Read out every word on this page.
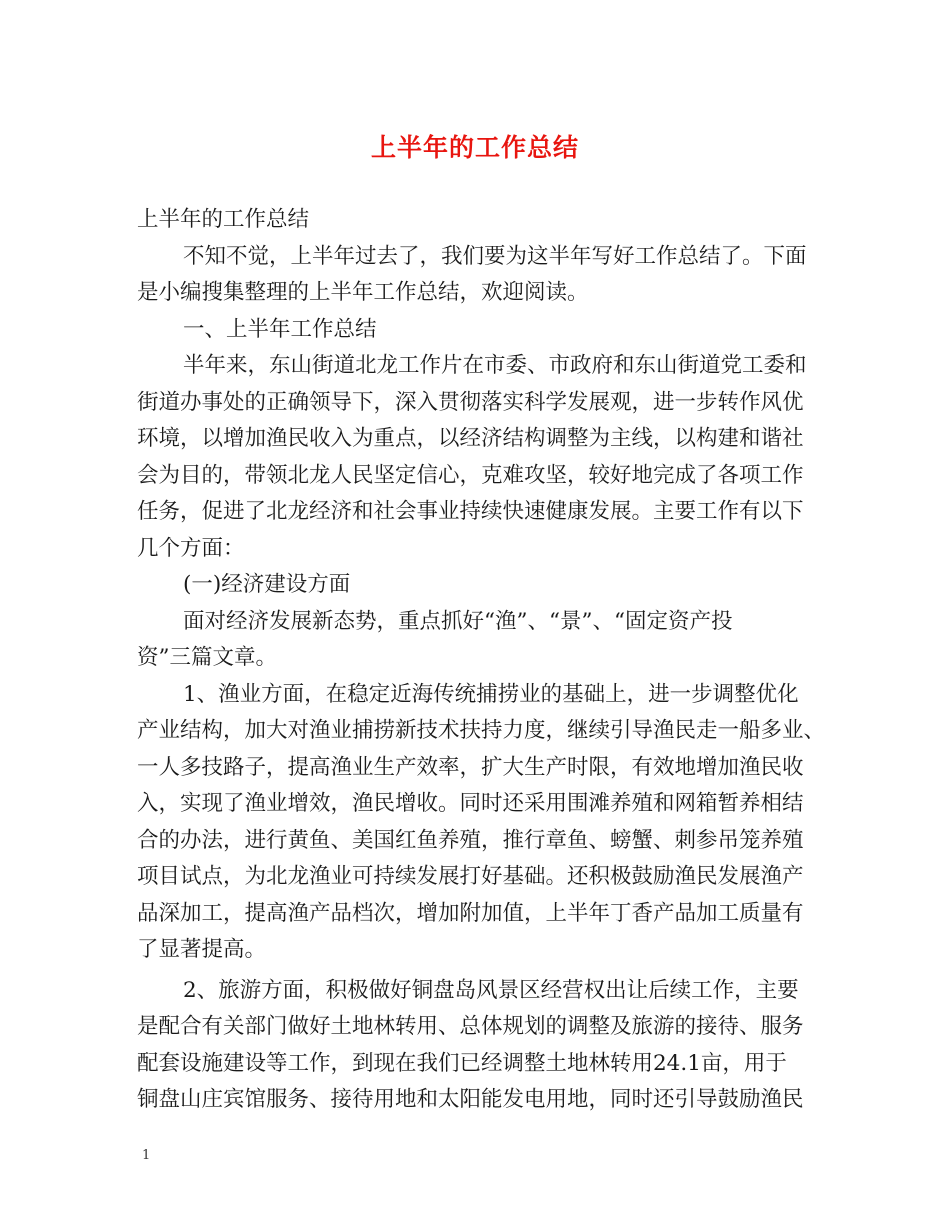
上半年的工作总结
上半年的工作总结
不知不觉，上半年过去了，我们要为这半年写好工作总结了。下面
是小编搜集整理的上半年工作总结，欢迎阅读。
一、上半年工作总结
半年来，东山街道北龙工作片在市委、市政府和东山街道党工委和
街道办事处的正确领导下，深入贯彻落实科学发展观，进一步转作风优
环境，以增加渔民收入为重点，以经济结构调整为主线，以构建和谐社
会为目的，带领北龙人民坚定信心，克难攻坚，较好地完成了各项工作
任务，促进了北龙经济和社会事业持续快速健康发展。主要工作有以下
几个方面：
(一)经济建设方面
面对经济发展新态势，重点抓好“渔”、“景”、“固定资产投
资”三篇文章。
1、渔业方面，在稳定近海传统捕捞业的基础上，进一步调整优化
产业结构，加大对渔业捕捞新技术扶持力度，继续引导渔民走一船多业、
一人多技路子，提高渔业生产效率，扩大生产时限，有效地增加渔民收
入，实现了渔业增效，渔民增收。同时还采用围滩养殖和网箱暂养相结
合的办法，进行黄鱼、美国红鱼养殖，推行章鱼、螃蟹、刺参吊笼养殖
项目试点，为北龙渔业可持续发展打好基础。还积极鼓励渔民发展渔产
品深加工，提高渔产品档次，增加附加值，上半年丁香产品加工质量有
了显著提高。
2、旅游方面，积极做好铜盘岛风景区经营权出让后续工作，主要
是配合有关部门做好土地林转用、总体规划的调整及旅游的接待、服务
配套设施建设等工作，到现在我们已经调整土地林转用24.1亩，用于
铜盘山庄宾馆服务、接待用地和太阳能发电用地，同时还引导鼓励渔民
1
